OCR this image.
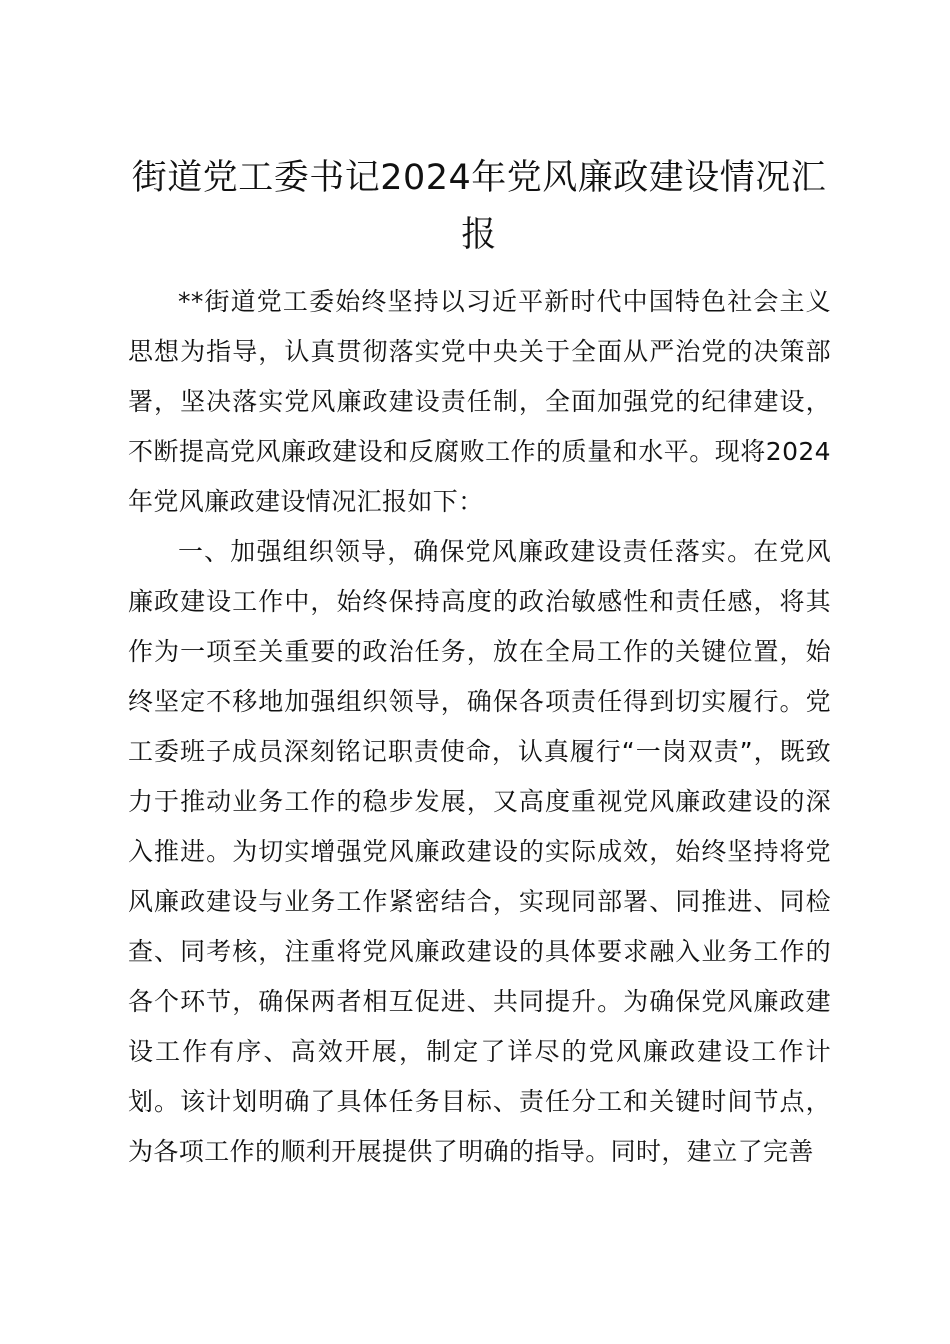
街道党工委书记2024年党风廉政建设情况汇报

**街道党工委始终坚持以习近平新时代中国特色社会主义思想为指导，认真贯彻落实党中央关于全面从严治党的决策部署，坚决落实党风廉政建设责任制，全面加强党的纪律建设，不断提高党风廉政建设和反腐败工作的质量和水平。现将2024年党风廉政建设情况汇报如下：

一、加强组织领导，确保党风廉政建设责任落实。在党风廉政建设工作中，始终保持高度的政治敏感性和责任感，将其作为一项至关重要的政治任务，放在全局工作的关键位置，始终坚定不移地加强组织领导，确保各项责任得到切实履行。党工委班子成员深刻铭记职责使命，认真履行“一岗双责”，既致力于推动业务工作的稳步发展，又高度重视党风廉政建设的深入推进。为切实增强党风廉政建设的实际成效，始终坚持将党风廉政建设与业务工作紧密结合，实现同部署、同推进、同检查、同考核，注重将党风廉政建设的具体要求融入业务工作的各个环节，确保两者相互促进、共同提升。为确保党风廉政建设工作有序、高效开展，制定了详尽的党风廉政建设工作计划。该计划明确了具体任务目标、责任分工和关键时间节点，为各项工作的顺利开展提供了明确的指导。同时，建立了完善
